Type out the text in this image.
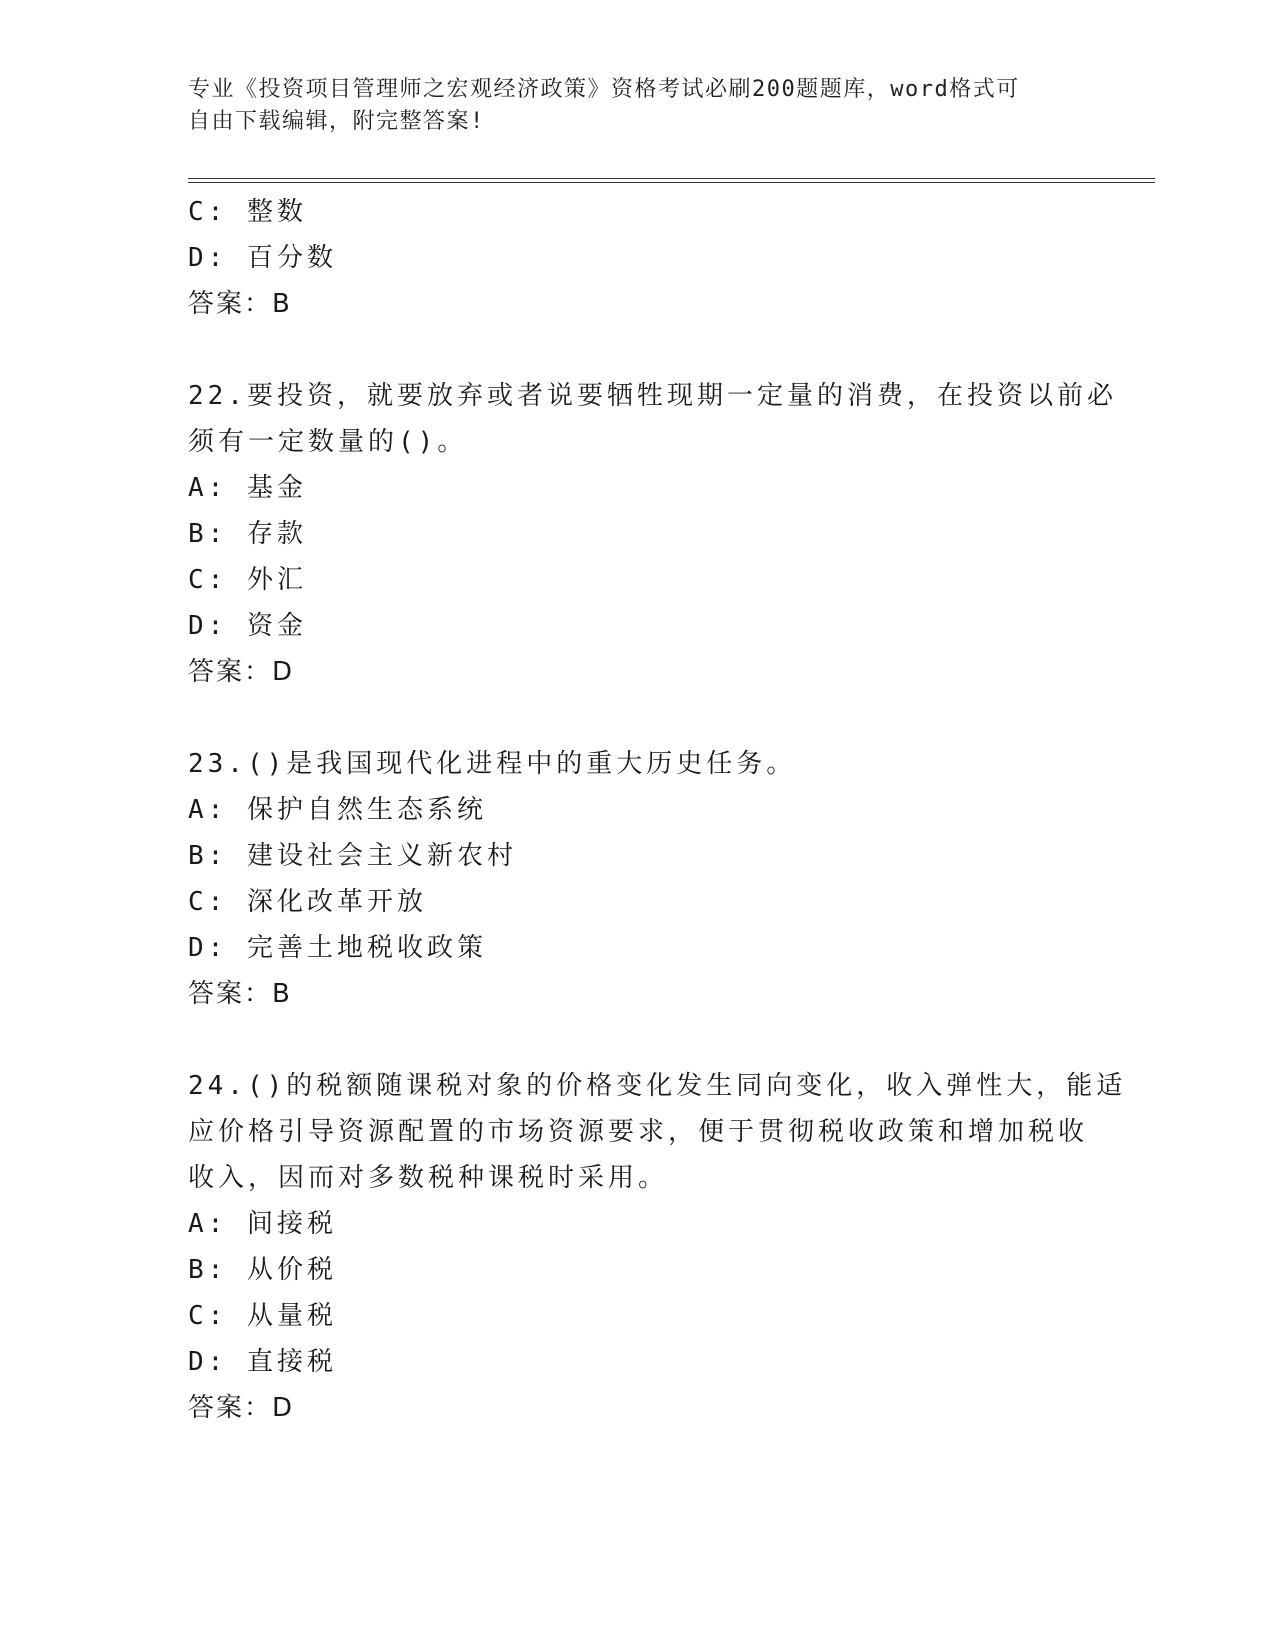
专业《投资项目管理师之宏观经济政策》资格考试必刷200题题库，word格式可
自由下载编辑，附完整答案!
C: 整数
D: 百分数
答案：B
22.要投资，就要放弃或者说要牺牲现期一定量的消费，在投资以前必
须有一定数量的()。
A: 基金
B: 存款
C: 外汇
D: 资金
答案：D
23.()是我国现代化进程中的重大历史任务。
A: 保护自然生态系统
B: 建设社会主义新农村
C: 深化改革开放
D: 完善土地税收政策
答案：B
24.()的税额随课税对象的价格变化发生同向变化，收入弹性大，能适
应价格引导资源配置的市场资源要求，便于贯彻税收政策和增加税收
收入，因而对多数税种课税时采用。
A: 间接税
B: 从价税
C: 从量税
D: 直接税
答案：D
